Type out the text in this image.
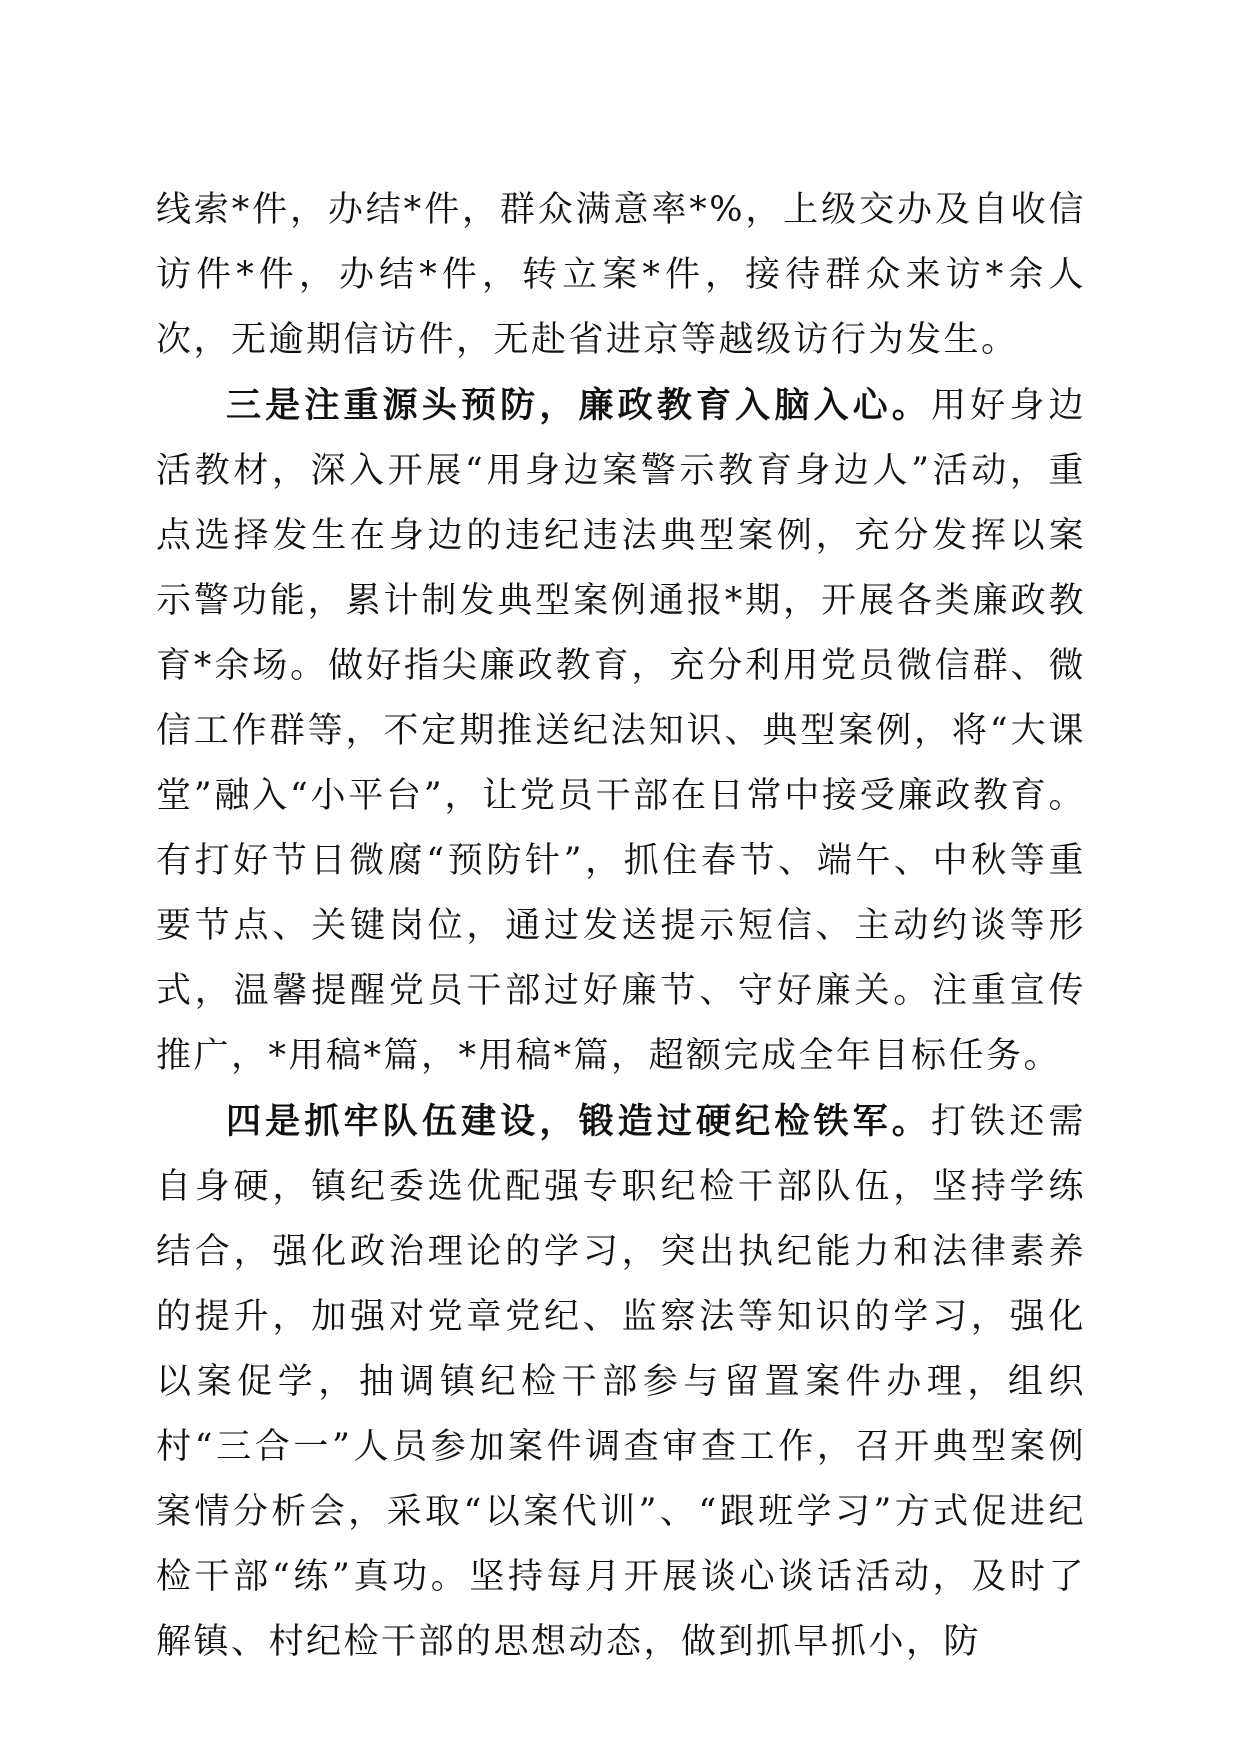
线索*件，办结*件，群众满意率*%，上级交办及自收信访件*件，办结*件，转立案*件，接待群众来访*余人次，无逾期信访件，无赴省进京等越级访行为发生。

三是注重源头预防，廉政教育入脑入心。用好身边活教材，深入开展“用身边案警示教育身边人”活动，重点选择发生在身边的违纪违法典型案例，充分发挥以案示警功能，累计制发典型案例通报*期，开展各类廉政教育*余场。做好指尖廉政教育，充分利用党员微信群、微信工作群等，不定期推送纪法知识、典型案例，将“大课堂”融入“小平台”，让党员干部在日常中接受廉政教育。有打好节日微腐“预防针”，抓住春节、端午、中秋等重要节点、关键岗位，通过发送提示短信、主动约谈等形式，温馨提醒党员干部过好廉节、守好廉关。注重宣传推广，*用稿*篇，*用稿*篇，超额完成全年目标任务。

四是抓牢队伍建设，锻造过硬纪检铁军。打铁还需自身硬，镇纪委选优配强专职纪检干部队伍，坚持学练结合，强化政治理论的学习，突出执纪能力和法律素养的提升，加强对党章党纪、监察法等知识的学习，强化以案促学，抽调镇纪检干部参与留置案件办理，组织村“三合一”人员参加案件调查审查工作，召开典型案例案情分析会，采取“以案代训”、“跟班学习”方式促进纪检干部“练”真功。坚持每月开展谈心谈话活动，及时了解镇、村纪检干部的思想动态，做到抓早抓小，防
